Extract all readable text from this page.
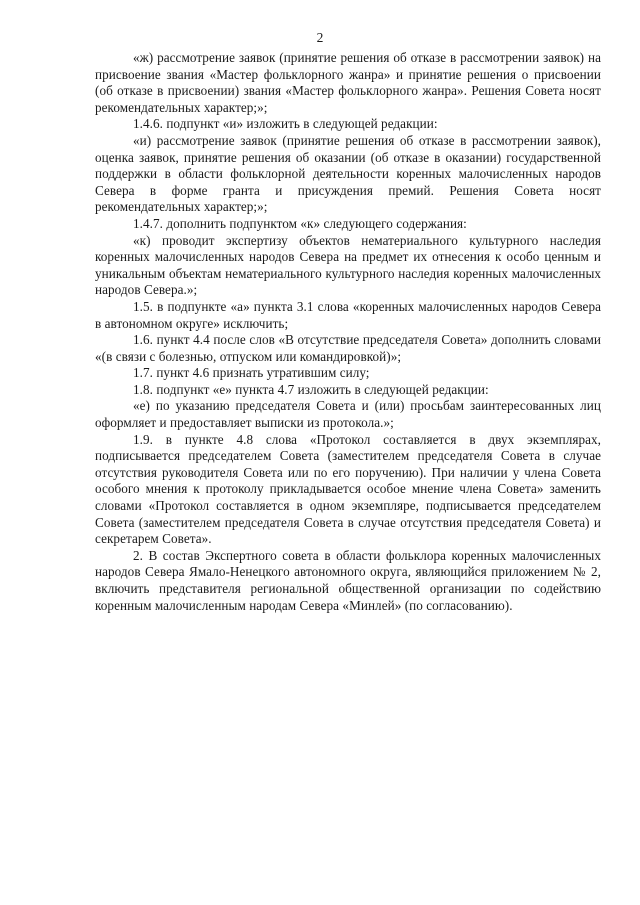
2

«ж) рассмотрение заявок (принятие решения об отказе в рассмотрении заявок) на присвоение звания «Мастер фольклорного жанра» и принятие решения о присвоении (об отказе в присвоении) звания «Мастер фольклорного жанра». Решения Совета носят рекомендательных характер;»;

1.4.6. подпункт «и» изложить в следующей редакции:

«и) рассмотрение заявок (принятие решения об отказе в рассмотрении заявок), оценка заявок, принятие решения об оказании (об отказе в оказании) государственной поддержки в области фольклорной деятельности коренных малочисленных народов Севера в форме гранта и присуждения премий. Решения Совета носят рекомендательных характер;»;

1.4.7. дополнить подпунктом «к» следующего содержания:

«к) проводит экспертизу объектов нематериального культурного наследия коренных малочисленных народов Севера на предмет их отнесения к особо ценным и уникальным объектам нематериального культурного наследия коренных малочисленных народов Севера.»;

1.5. в подпункте «а» пункта 3.1 слова «коренных малочисленных народов Севера в автономном округе» исключить;

1.6. пункт 4.4 после слов «В отсутствие председателя Совета» дополнить словами «(в связи с болезнью, отпуском или командировкой)»;

1.7. пункт 4.6 признать утратившим силу;

1.8. подпункт «е» пункта 4.7 изложить в следующей редакции:

«е) по указанию председателя Совета и (или) просьбам заинтересованных лиц оформляет и предоставляет выписки из протокола.»;

1.9. в пункте 4.8 слова «Протокол составляется в двух экземплярах, подписывается председателем Совета (заместителем председателя Совета в случае отсутствия руководителя Совета или по его поручению). При наличии у члена Совета особого мнения к протоколу прикладывается особое мнение члена Совета» заменить словами «Протокол составляется в одном экземпляре, подписывается председателем Совета (заместителем председателя Совета в случае отсутствия председателя Совета) и секретарем Совета».

2. В состав Экспертного совета в области фольклора коренных малочисленных народов Севера Ямало-Ненецкого автономного округа, являющийся приложением № 2, включить представителя региональной общественной организации по содействию коренным малочисленным народам Севера «Минлей» (по согласованию).
